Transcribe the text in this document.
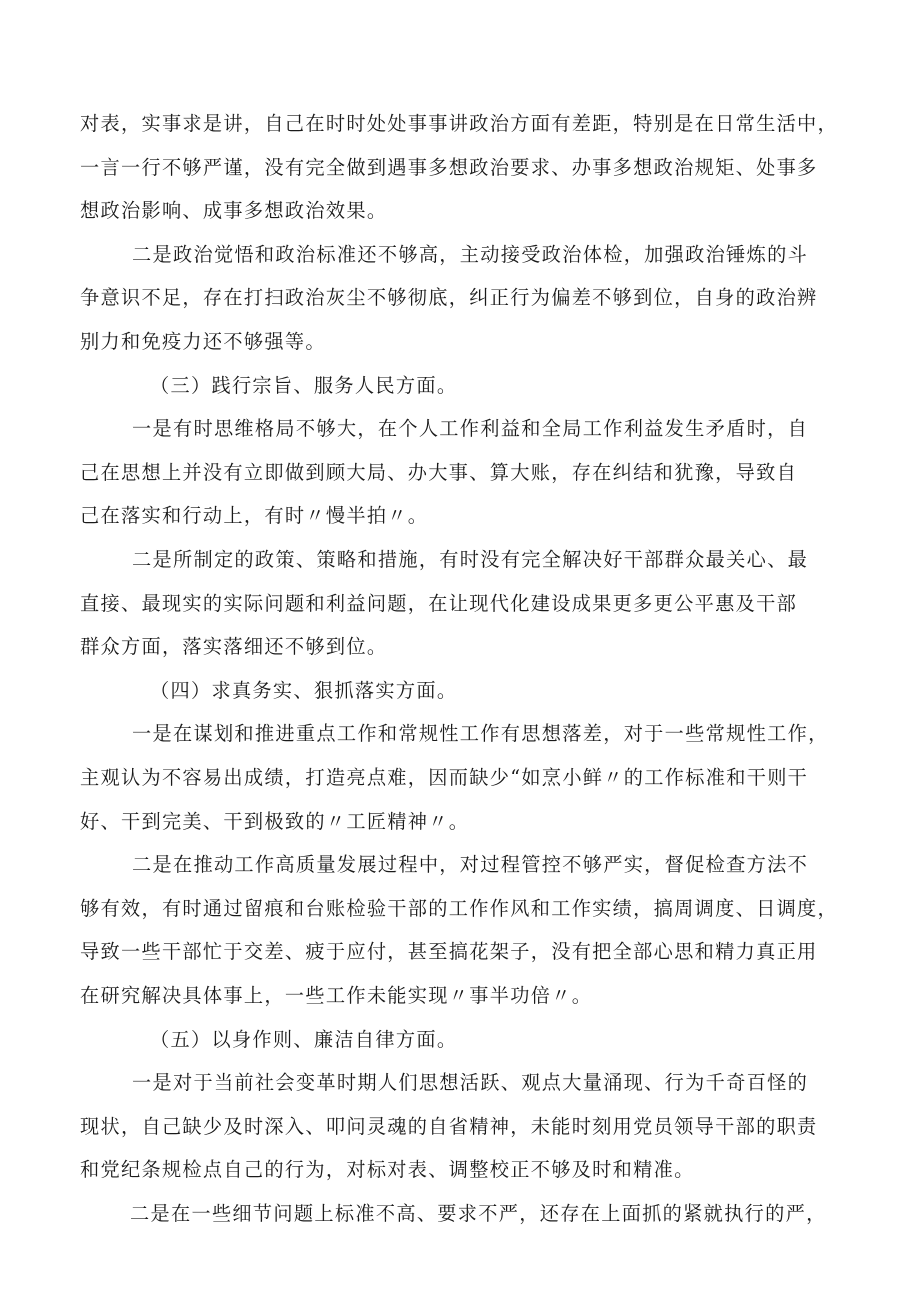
对表，实事求是讲，自己在时时处处事事讲政治方面有差距，特别是在日常生活中，
一言一行不够严谨，没有完全做到遇事多想政治要求、办事多想政治规矩、处事多
想政治影响、成事多想政治效果。
二是政治觉悟和政治标准还不够高，主动接受政治体检，加强政治锤炼的斗
争意识不足，存在打扫政治灰尘不够彻底，纠正行为偏差不够到位，自身的政治辨
别力和免疫力还不够强等。
（三）践行宗旨、服务人民方面。
一是有时思维格局不够大，在个人工作利益和全局工作利益发生矛盾时，自
己在思想上并没有立即做到顾大局、办大事、算大账，存在纠结和犹豫，导致自
己在落实和行动上，有时〃慢半拍〃。
二是所制定的政策、策略和措施，有时没有完全解决好干部群众最关心、最
直接、最现实的实际问题和利益问题，在让现代化建设成果更多更公平惠及干部
群众方面，落实落细还不够到位。
（四）求真务实、狠抓落实方面。
一是在谋划和推进重点工作和常规性工作有思想落差，对于一些常规性工作，
主观认为不容易出成绩，打造亮点难，因而缺少“如烹小鲜〃的工作标准和干则干
好、干到完美、干到极致的〃工匠精神〃。
二是在推动工作高质量发展过程中，对过程管控不够严实，督促检查方法不
够有效，有时通过留痕和台账检验干部的工作作风和工作实绩，搞周调度、日调度，
导致一些干部忙于交差、疲于应付，甚至搞花架子，没有把全部心思和精力真正用
在研究解决具体事上，一些工作未能实现〃事半功倍〃。
（五）以身作则、廉洁自律方面。
一是对于当前社会变革时期人们思想活跃、观点大量涌现、行为千奇百怪的
现状，自己缺少及时深入、叩问灵魂的自省精神，未能时刻用党员领导干部的职责
和党纪条规检点自己的行为，对标对表、调整校正不够及时和精准。
二是在一些细节问题上标准不高、要求不严，还存在上面抓的紧就执行的严，
